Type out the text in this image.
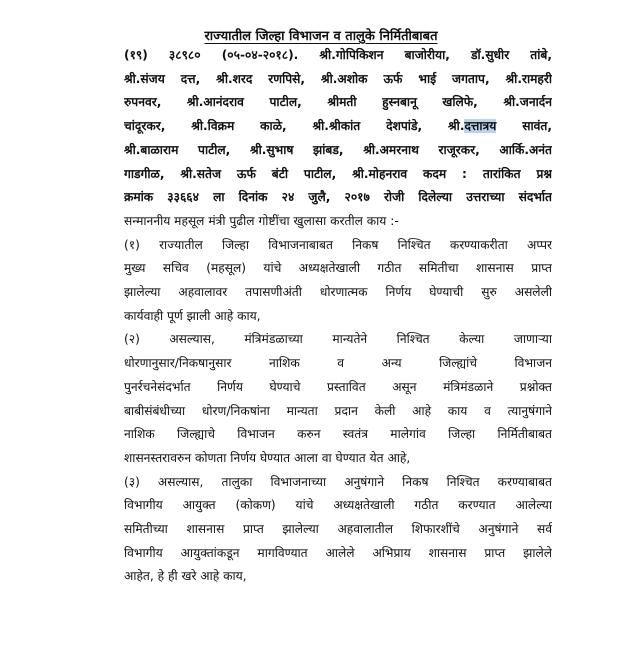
राज्यातील जिल्हा विभाजन व तालुके निर्मितीबाबत
(१९) ३८९८० (०५-०४-२०१८). श्री.गोपिकिशन बाजोरीया, डॉ.सुधीर तांबे,
श्री.संजय दत्त, श्री.शरद रणपिसे, श्री.अशोक ऊर्फ भाई जगताप, श्री.रामहरी
रुपनवर, श्री.आनंदराव पाटील, श्रीमती हुस्नबानू खलिफे, श्री.जनार्दन
चांदूरकर, श्री.विक्रम काळे, श्री.श्रीकांत देशपांडे, श्री.दत्तात्रय सावंत,
श्री.बाळाराम पाटील, श्री.सुभाष झांबड, श्री.अमरनाथ राजूरकर, आर्कि.अनंत
गाडगीळ, श्री.सतेज ऊर्फ बंटी पाटील, श्री.मोहनराव कदम : तारांकित प्रश्न
क्रमांक ३३६६४ ला दिनांक २४ जुलै, २०१७ रोजी दिलेल्या उत्तराच्या संदर्भात
सन्माननीय महसूल मंत्री पुढील गोष्टींचा खुलासा करतील काय :-
(१) राज्यातील जिल्हा विभाजनाबाबत निकष निश्चित करण्याकरीता अप्पर
मुख्य सचिव (महसूल) यांचे अध्यक्षतेखाली गठीत समितीचा शासनास प्राप्त
झालेल्या अहवालावर तपासणीअंती धोरणात्मक निर्णय घेण्याची सुरु असलेली
कार्यवाही पूर्ण झाली आहे काय,
(२) असल्यास, मंत्रिमंडळाच्या मान्यतेने निश्चित केल्या जाणाऱ्या
धोरणानुसार/निकषानुसार नाशिक व अन्य जिल्ह्यांचे विभाजन
पुनर्रचनेसंदर्भात निर्णय घेण्याचे प्रस्तावित असून मंत्रिमंडळाने प्रश्नोक्त
बाबीसंबंधीच्या धोरण/निकषांना मान्यता प्रदान केली आहे काय व त्यानुषंगाने
नाशिक जिल्ह्याचे विभाजन करुन स्वतंत्र मालेगांव जिल्हा निर्मितीबाबत
शासनस्तरावरुन कोणता निर्णय घेण्यात आला वा घेण्यात येत आहे,
(३) असल्यास, तालुका विभाजनाच्या अनुषंगाने निकष निश्चित करण्याबाबत
विभागीय आयुक्त (कोकण) यांचे अध्यक्षतेखाली गठीत करण्यात आलेल्या
समितीच्या शासनास प्राप्त झालेल्या अहवालातील शिफारशींचे अनुषंगाने सर्व
विभागीय आयुक्तांकडून मागविण्यात आलेले अभिप्राय शासनास प्राप्त झालेले
आहेत, हे ही खरे आहे काय,
